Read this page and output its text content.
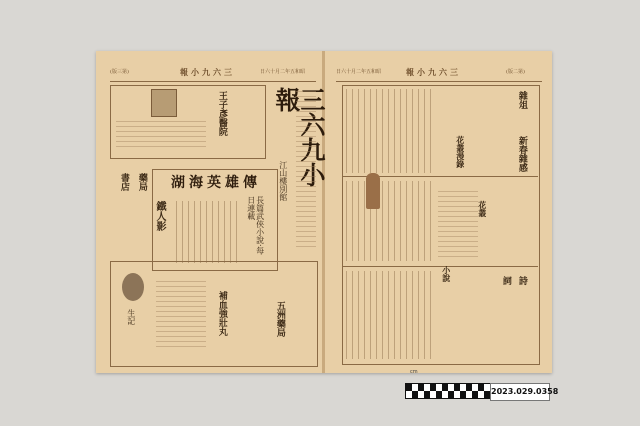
(版三第)	報小九六三	日六十月二年五和昭	日六十月二年五和昭	報小九六三	(版二第)
三六九小報
王子彥醫院
湖海英雄傳
長篇武俠小說·每日連載
鐵人影
書店 藥局	江山樓別館
生記	補血強壯丸	五洲藥局
雜俎
新春雜感
詩
詞
花叢
花叢漫錄
小說
cm
2023.029.0358
